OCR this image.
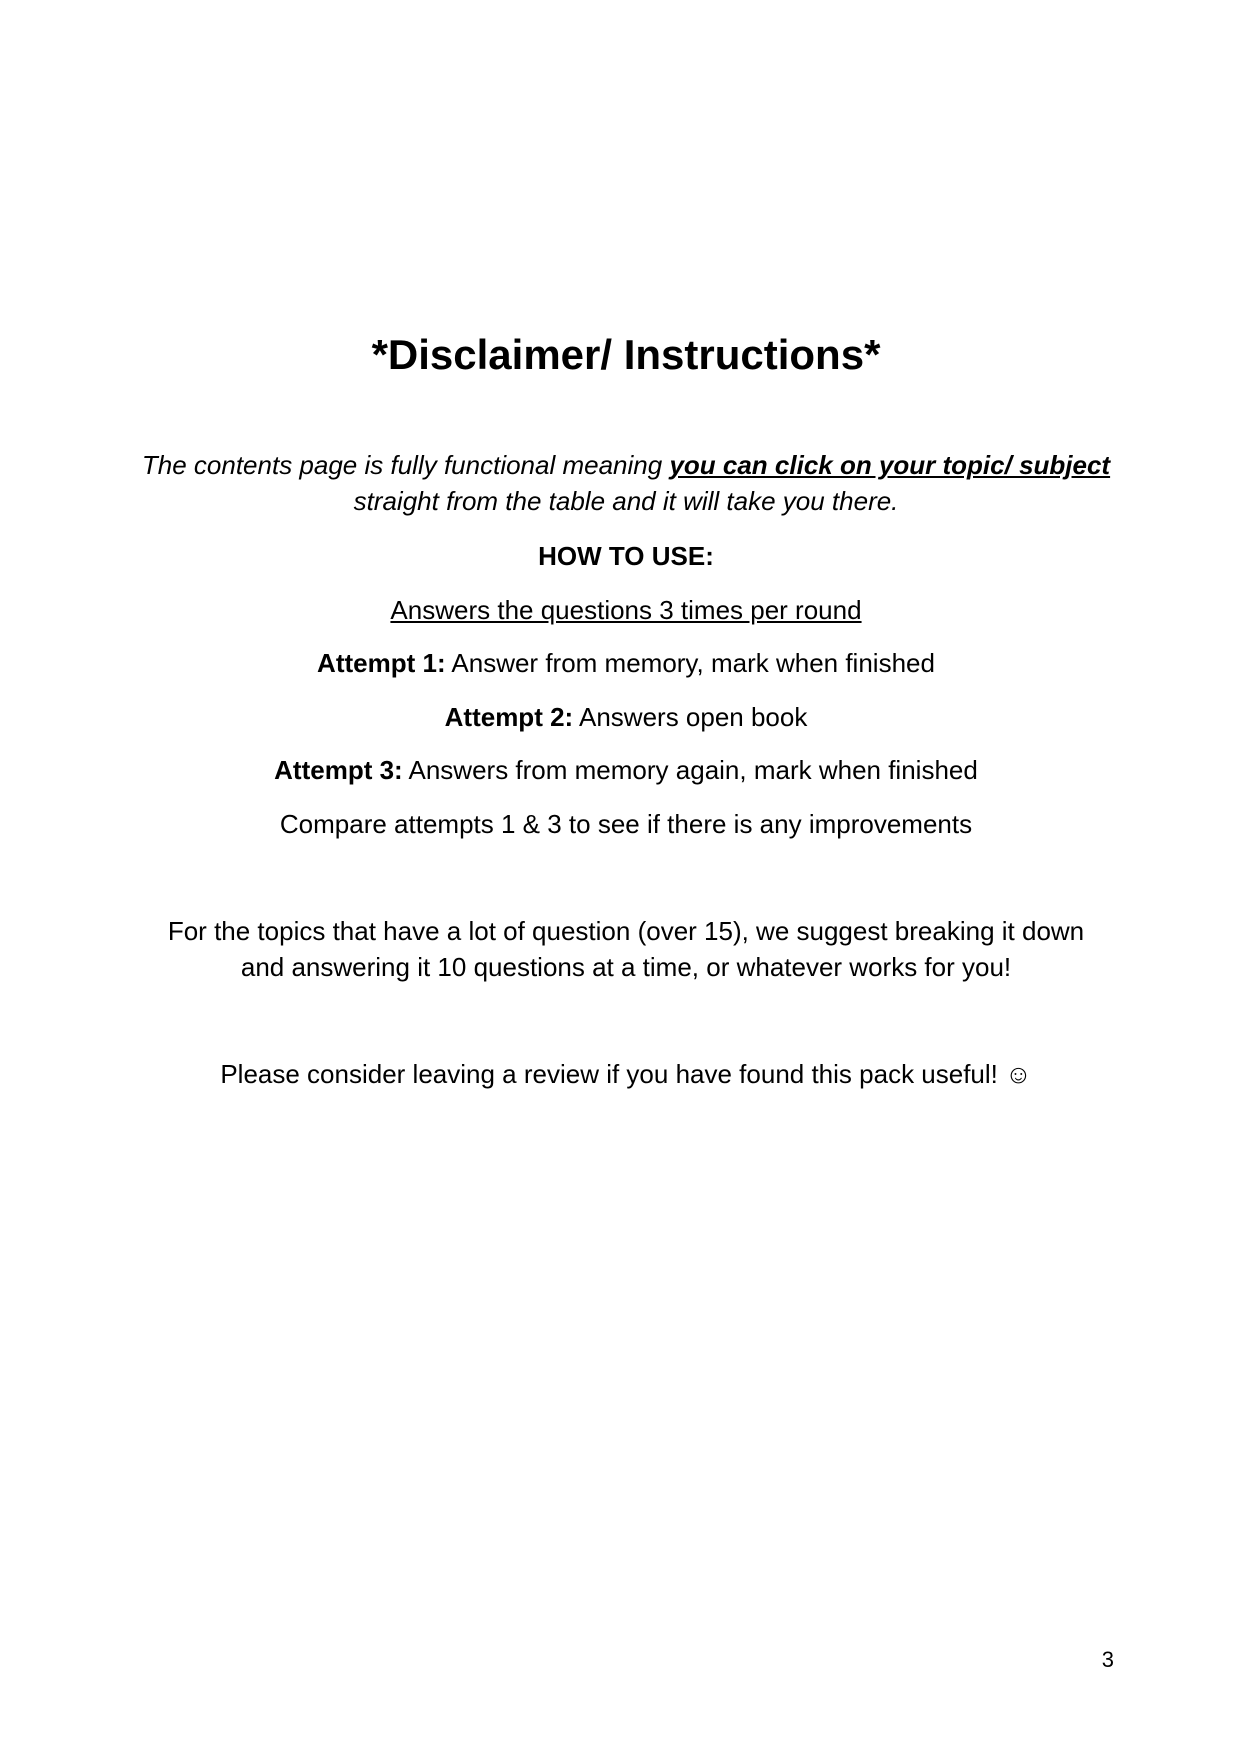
*Disclaimer/ Instructions*
The contents page is fully functional meaning you can click on your topic/ subject straight from the table and it will take you there.
HOW TO USE:
Answers the questions 3 times per round
Attempt 1: Answer from memory, mark when finished
Attempt 2: Answers open book
Attempt 3: Answers from memory again, mark when finished
Compare attempts 1 & 3 to see if there is any improvements
For the topics that have a lot of question (over 15), we suggest breaking it down and answering it 10 questions at a time, or whatever works for you!
Please consider leaving a review if you have found this pack useful! ☺
3
